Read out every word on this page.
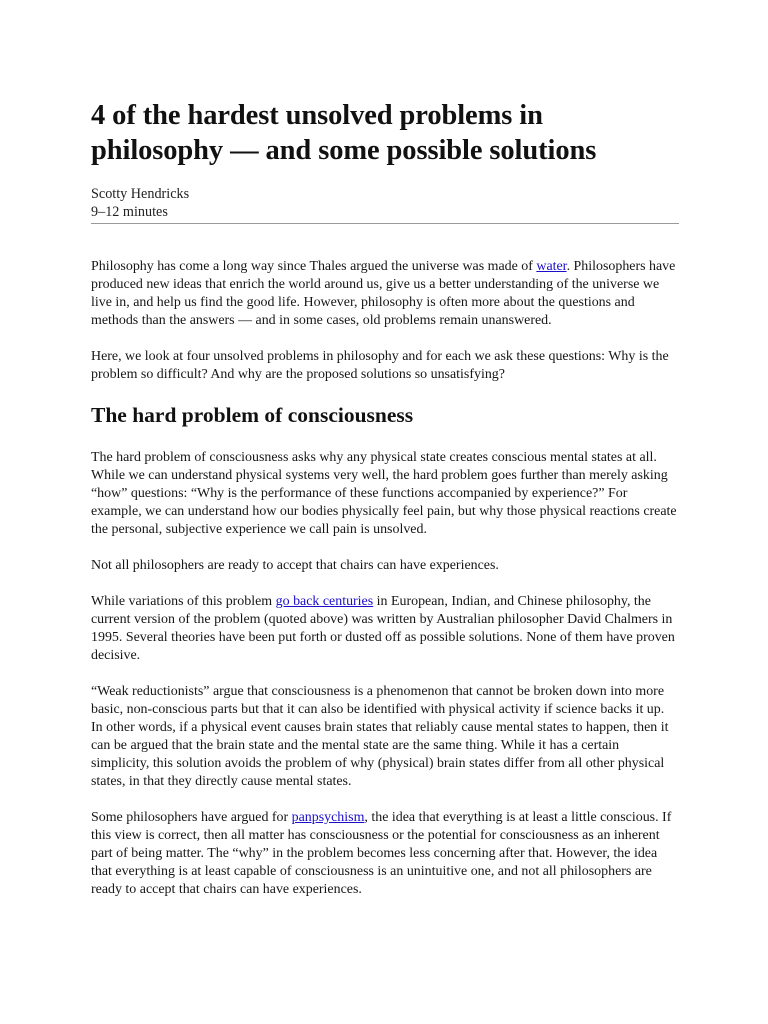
4 of the hardest unsolved problems in philosophy — and some possible solutions
Scotty Hendricks
9–12 minutes

Philosophy has come a long way since Thales argued the universe was made of water. Philosophers have produced new ideas that enrich the world around us, give us a better understanding of the universe we live in, and help us find the good life. However, philosophy is often more about the questions and methods than the answers — and in some cases, old problems remain unanswered.

Here, we look at four unsolved problems in philosophy and for each we ask these questions: Why is the problem so difficult? And why are the proposed solutions so unsatisfying?

The hard problem of consciousness

The hard problem of consciousness asks why any physical state creates conscious mental states at all. While we can understand physical systems very well, the hard problem goes further than merely asking “how” questions: “Why is the performance of these functions accompanied by experience?” For example, we can understand how our bodies physically feel pain, but why those physical reactions create the personal, subjective experience we call pain is unsolved.

Not all philosophers are ready to accept that chairs can have experiences.

While variations of this problem go back centuries in European, Indian, and Chinese philosophy, the current version of the problem (quoted above) was written by Australian philosopher David Chalmers in 1995. Several theories have been put forth or dusted off as possible solutions. None of them have proven decisive.

“Weak reductionists” argue that consciousness is a phenomenon that cannot be broken down into more basic, non-conscious parts but that it can also be identified with physical activity if science backs it up. In other words, if a physical event causes brain states that reliably cause mental states to happen, then it can be argued that the brain state and the mental state are the same thing. While it has a certain simplicity, this solution avoids the problem of why (physical) brain states differ from all other physical states, in that they directly cause mental states.

Some philosophers have argued for panpsychism, the idea that everything is at least a little conscious. If this view is correct, then all matter has consciousness or the potential for consciousness as an inherent part of being matter. The “why” in the problem becomes less concerning after that. However, the idea that everything is at least capable of consciousness is an unintuitive one, and not all philosophers are ready to accept that chairs can have experiences.
